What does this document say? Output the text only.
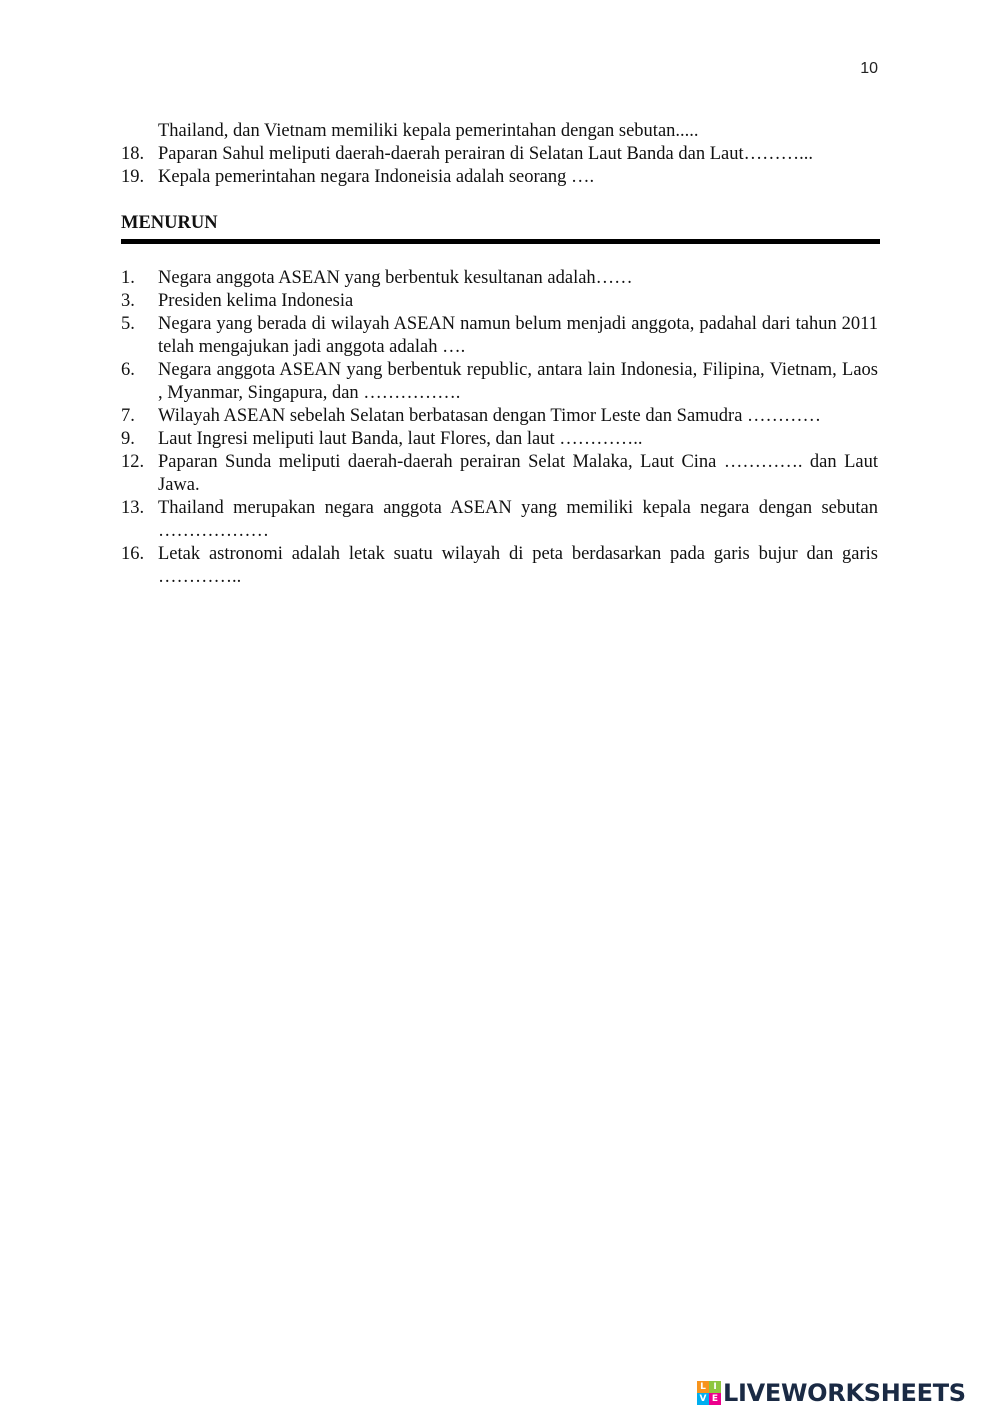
10
Thailand, dan Vietnam memiliki kepala pemerintahan dengan sebutan.....
18. Paparan Sahul meliputi daerah-daerah perairan di Selatan Laut Banda dan Laut………...
19. Kepala pemerintahan negara Indoneisia adalah seorang ….
MENURUN
1.	Negara anggota ASEAN yang berbentuk kesultanan adalah……
3.	Presiden kelima Indonesia
5.	Negara yang berada di wilayah ASEAN namun belum menjadi anggota, padahal dari tahun 2011 telah mengajukan jadi anggota adalah ….
6.	Negara anggota ASEAN yang berbentuk republic, antara lain Indonesia, Filipina, Vietnam, Laos , Myanmar, Singapura, dan …………….
7.	Wilayah ASEAN sebelah Selatan berbatasan dengan Timor Leste dan Samudra …………
9.	Laut Ingresi meliputi laut Banda, laut Flores, dan laut …………..
12. Paparan Sunda meliputi daerah-daerah perairan Selat Malaka, Laut Cina …………. dan Laut Jawa.
13. Thailand merupakan negara anggota ASEAN yang memiliki kepala negara dengan sebutan ………………
16. Letak astronomi adalah letak suatu wilayah di peta berdasarkan pada garis bujur dan garis …………..
L I
V E LIVEWORKSHEETS
